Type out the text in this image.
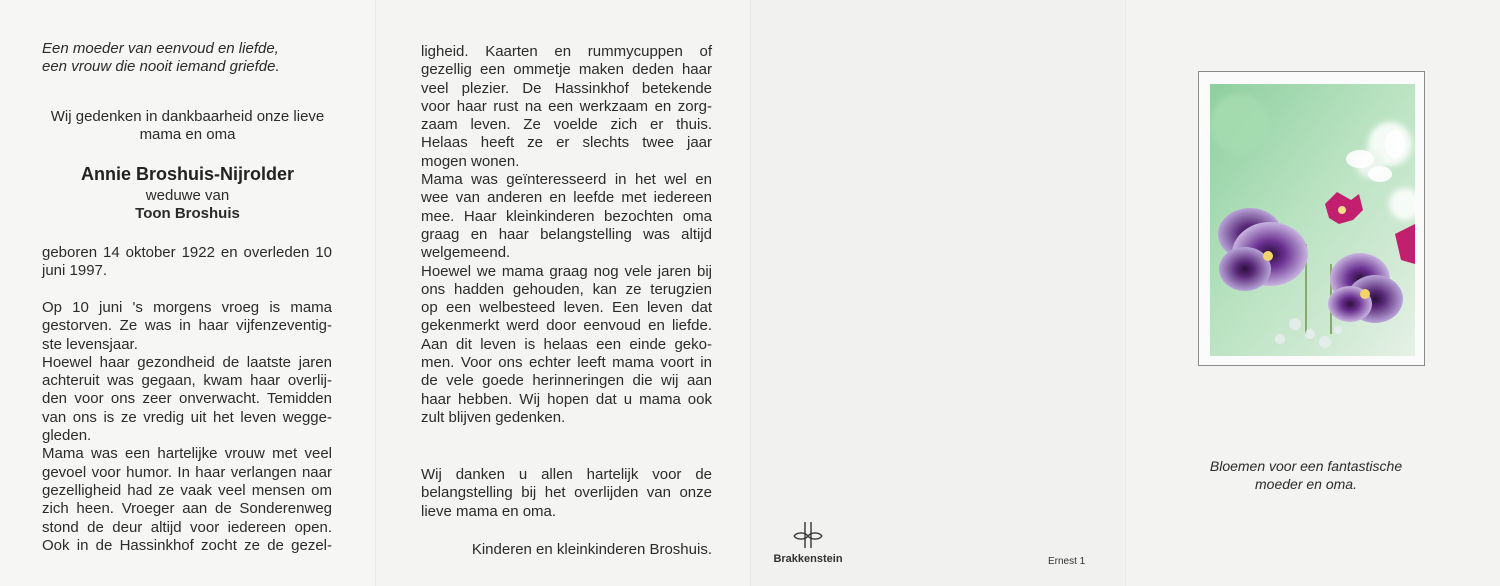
Een moeder van eenvoud en liefde,
een vrouw die nooit iemand griefde.
Wij gedenken in dankbaarheid onze lieve
mama en oma
Annie Broshuis-Nijrolder
weduwe van
Toon Broshuis
geboren 14 oktober 1922 en overleden 10
juni 1997.
Op 10 juni 's morgens vroeg is mama
gestorven. Ze was in haar vijfenzeventig-
ste levensjaar.
Hoewel haar gezondheid de laatste jaren
achteruit was gegaan, kwam haar overlij-
den voor ons zeer onverwacht. Temidden
van ons is ze vredig uit het leven wegge-
gleden.
Mama was een hartelijke vrouw met veel
gevoel voor humor. In haar verlangen naar
gezelligheid had ze vaak veel mensen om
zich heen. Vroeger aan de Sonderenweg
stond de deur altijd voor iedereen open.
Ook in de Hassinkhof zocht ze de gezel-
ligheid. Kaarten en rummycuppen of
gezellig een ommetje maken deden haar
veel plezier. De Hassinkhof betekende
voor haar rust na een werkzaam en zorg-
zaam leven. Ze voelde zich er thuis.
Helaas heeft ze er slechts twee jaar
mogen wonen.
Mama was geïnteresseerd in het wel en
wee van anderen en leefde met iedereen
mee. Haar kleinkinderen bezochten oma
graag en haar belangstelling was altijd
welgemeend.
Hoewel we mama graag nog vele jaren bij
ons hadden gehouden, kan ze terugzien
op een welbesteed leven. Een leven dat
gekenmerkt werd door eenvoud en liefde.
Aan dit leven is helaas een einde geko-
men. Voor ons echter leeft mama voort in
de vele goede herinneringen die wij aan
haar hebben. Wij hopen dat u mama ook
zult blijven gedenken.
Wij danken u allen hartelijk voor de
belangstelling bij het overlijden van onze
lieve mama en oma.
Kinderen en kleinkinderen Broshuis.
Brakkenstein	Ernest 1
Bloemen voor een fantastische
moeder en oma.
